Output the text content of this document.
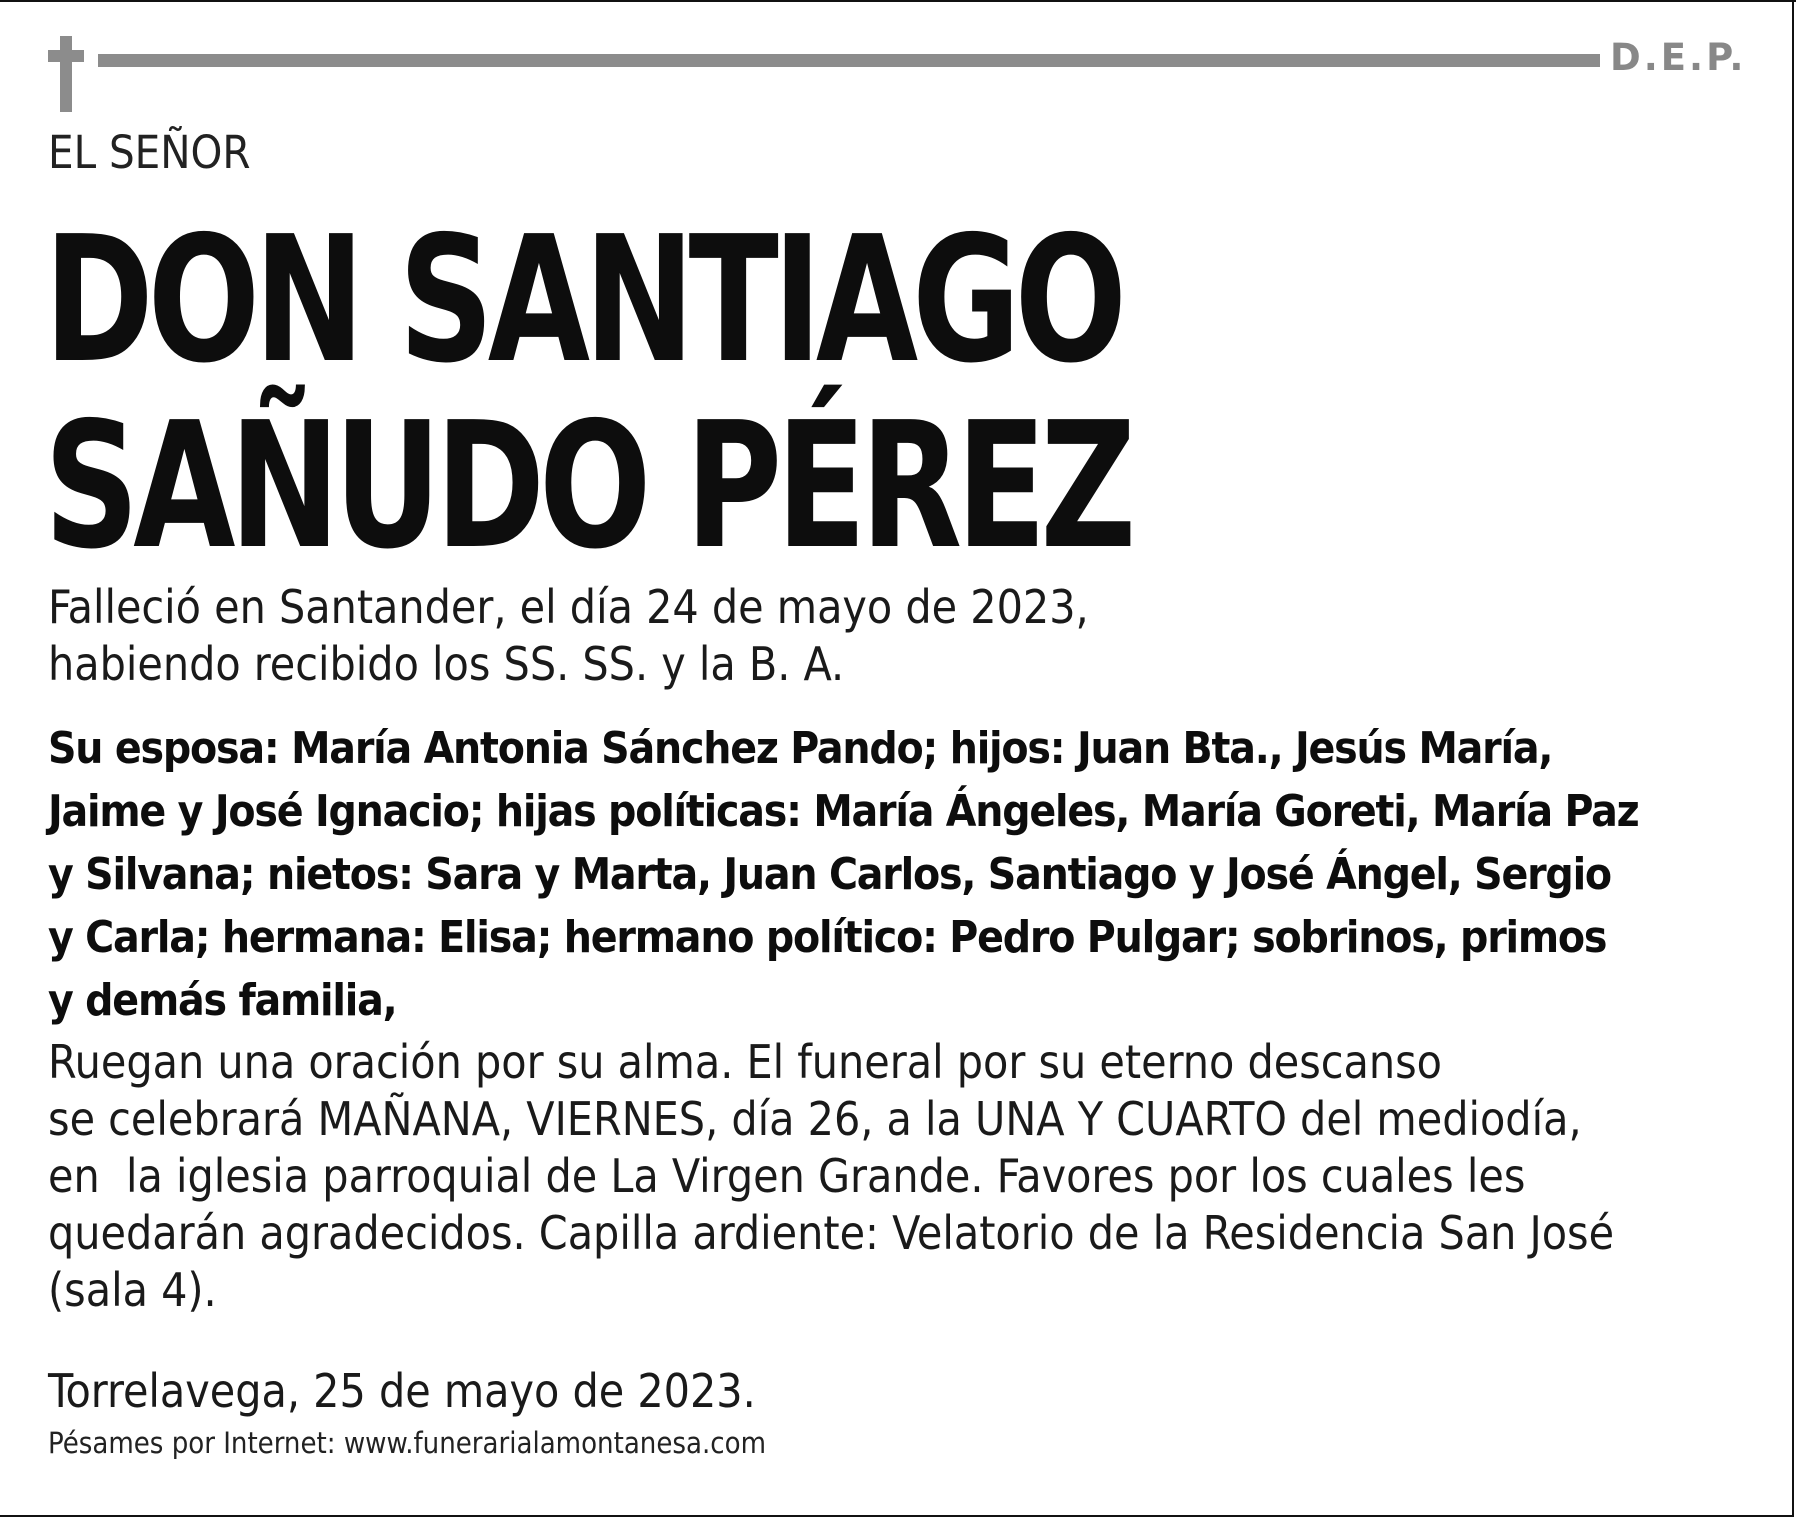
D.E.P.
EL SEÑOR
DON SANTIAGO
SAÑUDO PÉREZ

Falleció en Santander, el día 24 de mayo de 2023,

habiendo recibido los SS. SS. y la B. A.

Su esposa: María Antonia Sánchez Pando; hijos: Juan Bta., Jesús María,

Jaime y José Ignacio; hijas políticas: María Ángeles, María Goreti, María Paz

y Silvana; nietos: Sara y Marta, Juan Carlos, Santiago y José Ángel, Sergio

y Carla; hermana: Elisa; hermano político: Pedro Pulgar; sobrinos, primos

y demás familia,

Ruegan una oración por su alma. El funeral por su eterno descanso

se celebrará MAÑANA, VIERNES, día 26, a la UNA Y CUARTO del mediodía,

en  la iglesia parroquial de La Virgen Grande. Favores por los cuales les

quedarán agradecidos. Capilla ardiente: Velatorio de la Residencia San José

(sala 4).

Torrelavega, 25 de mayo de 2023.
Pésames por Internet: www.funerarialamontanesa.com
